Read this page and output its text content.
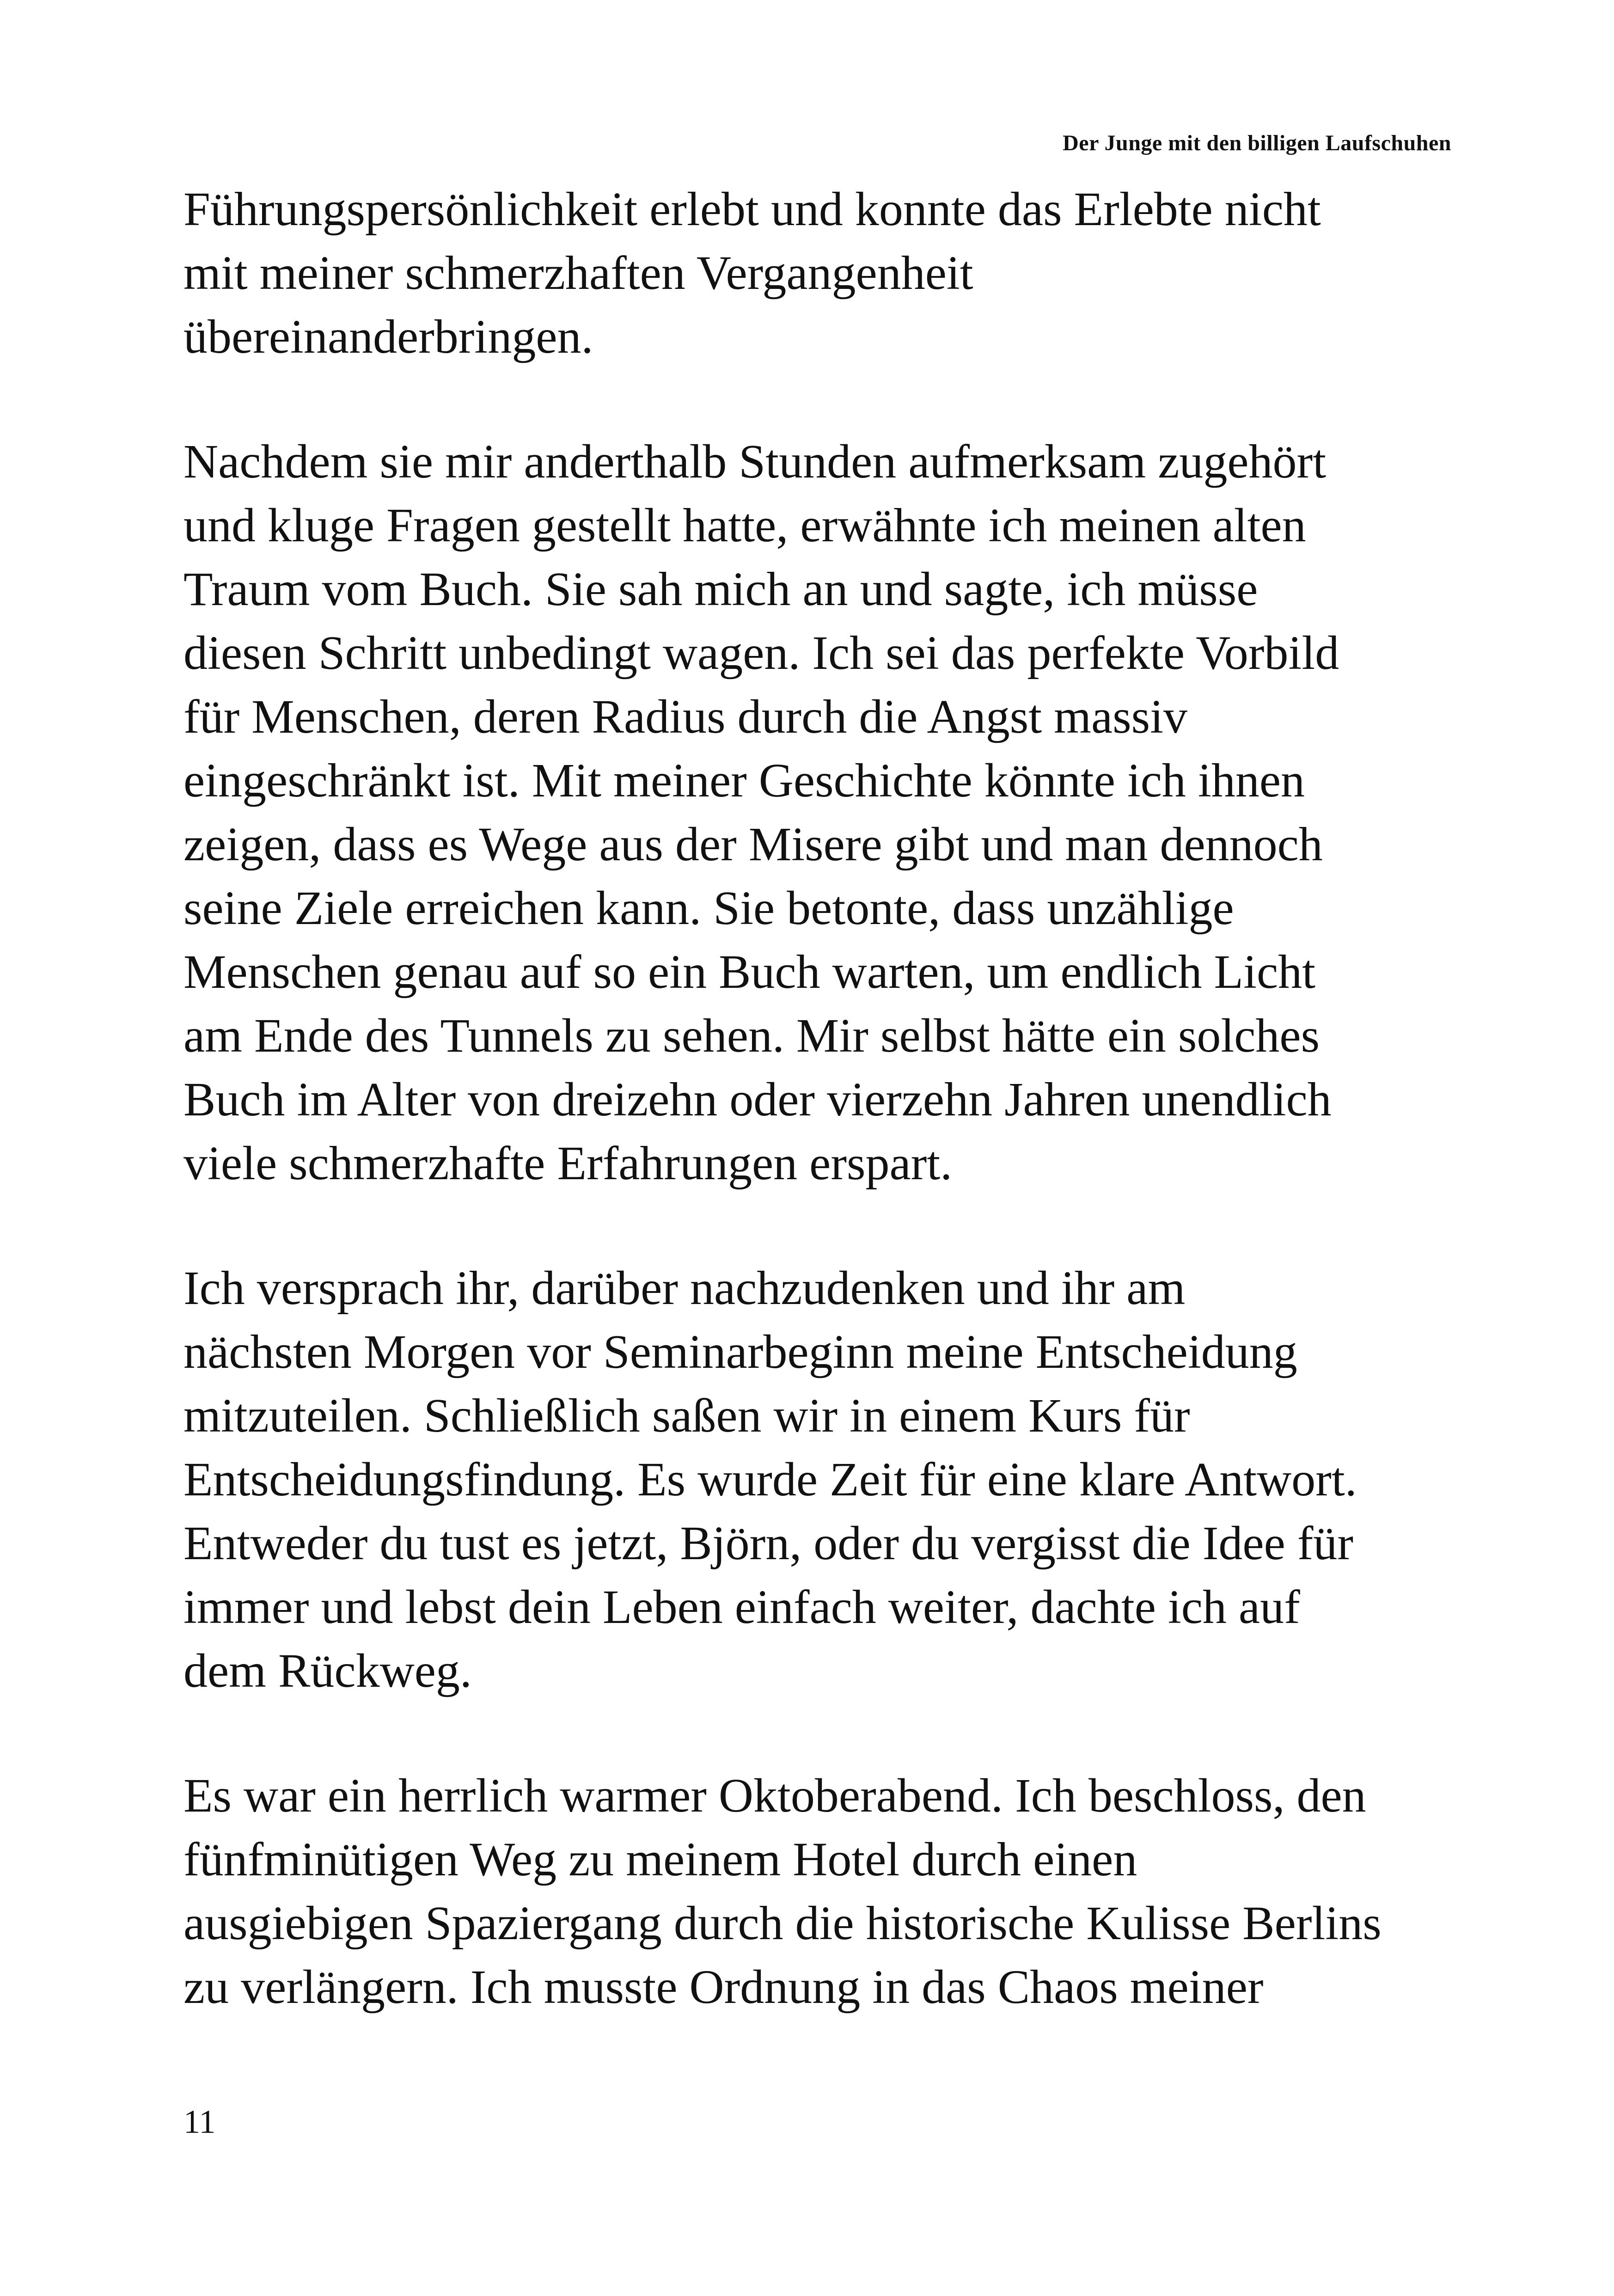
Der Junge mit den billigen Laufschuhen

Führungspersönlichkeit erlebt und konnte das Erlebte nicht
mit meiner schmerzhaften Vergangenheit
übereinanderbringen.

Nachdem sie mir anderthalb Stunden aufmerksam zugehört
und kluge Fragen gestellt hatte, erwähnte ich meinen alten
Traum vom Buch. Sie sah mich an und sagte, ich müsse
diesen Schritt unbedingt wagen. Ich sei das perfekte Vorbild
für Menschen, deren Radius durch die Angst massiv
eingeschränkt ist. Mit meiner Geschichte könnte ich ihnen
zeigen, dass es Wege aus der Misere gibt und man dennoch
seine Ziele erreichen kann. Sie betonte, dass unzählige
Menschen genau auf so ein Buch warten, um endlich Licht
am Ende des Tunnels zu sehen. Mir selbst hätte ein solches
Buch im Alter von dreizehn oder vierzehn Jahren unendlich
viele schmerzhafte Erfahrungen erspart.

Ich versprach ihr, darüber nachzudenken und ihr am
nächsten Morgen vor Seminarbeginn meine Entscheidung
mitzuteilen. Schließlich saßen wir in einem Kurs für
Entscheidungsfindung. Es wurde Zeit für eine klare Antwort.
Entweder du tust es jetzt, Björn, oder du vergisst die Idee für
immer und lebst dein Leben einfach weiter, dachte ich auf
dem Rückweg.

Es war ein herrlich warmer Oktoberabend. Ich beschloss, den
fünfminütigen Weg zu meinem Hotel durch einen
ausgiebigen Spaziergang durch die historische Kulisse Berlins
zu verlängern. Ich musste Ordnung in das Chaos meiner

11
